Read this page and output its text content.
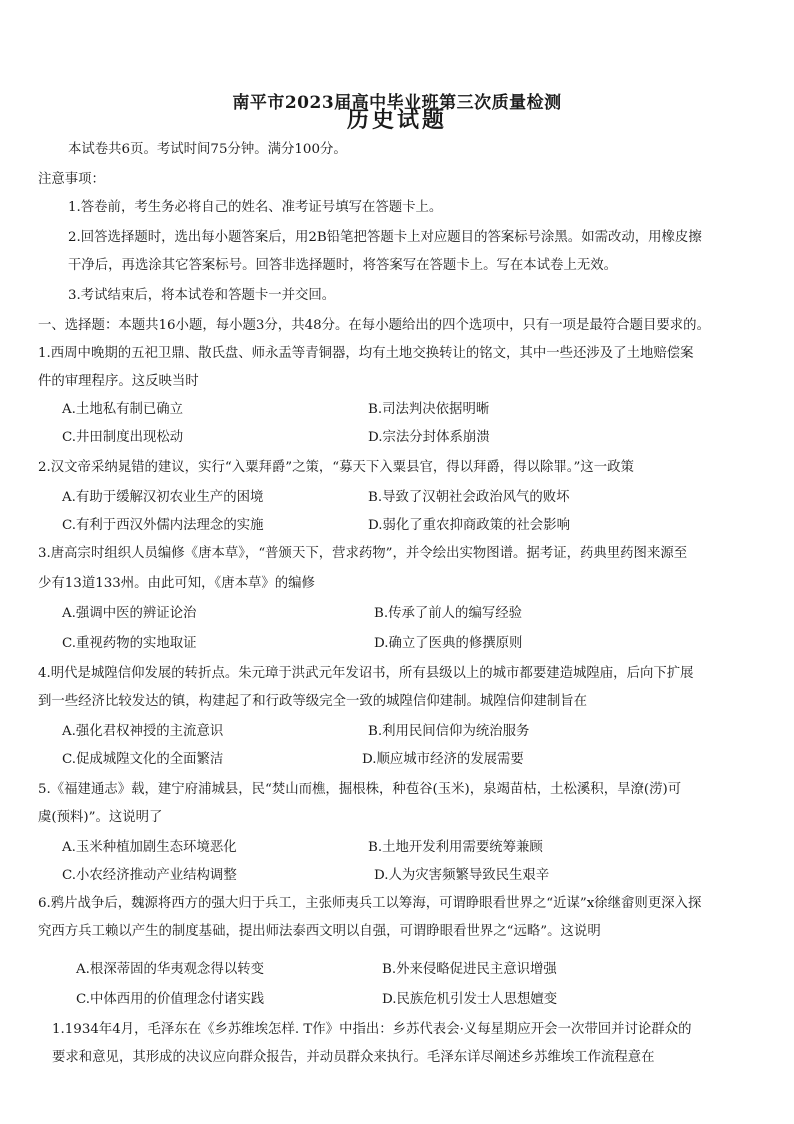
南平市2023届高中毕业班第三次质量检测
历史试题
本试卷共6页。考试时间75分钟。满分100分。
注意事项：
1.答卷前，考生务必将自己的姓名、准考证号填写在答题卡上。
2.回答选择题时，选出每小题答案后，用2B铅笔把答题卡上对应题目的答案标号涂黑。如需改动，用橡皮擦
干净后，再选涂其它答案标号。回答非选择题时，将答案写在答题卡上。写在本试卷上无效。
3.考试结束后，将本试卷和答题卡一并交回。
一、选择题：本题共16小题，每小题3分，共48分。在每小题给出的四个选项中，只有一项是最符合题目要求的。
1.西周中晚期的五祀卫鼎、散氏盘、师永盂等青铜器，均有土地交换转让的铭文，其中一些还涉及了土地赔偿案
件的审理程序。这反映当时
A.土地私有制已确立	B.司法判决依据明晰
C.井田制度出现松动	D.宗法分封体系崩溃
2.汉文帝采纳晁错的建议，实行“入粟拜爵”之策，“募天下入粟县官，得以拜爵，得以除罪。”这一政策
A.有助于缓解汉初农业生产的困境	B.导致了汉朝社会政治风气的败坏
C.有利于西汉外儒内法理念的实施	D.弱化了重农抑商政策的社会影响
3.唐高宗时组织人员编修《唐本草》，“普颁天下，营求药物”，并令绘出实物图谱。据考证，药典里药图来源至
少有13道133州。由此可知，《唐本草》的编修
A.强调中医的辨证论治	B.传承了前人的编写经验
C.重视药物的实地取证	D.确立了医典的修撰原则
4.明代是城隍信仰发展的转折点。朱元璋于洪武元年发诏书，所有县级以上的城市都要建造城隍庙，后向下扩展
到一些经济比较发达的镇，构建起了和行政等级完全一致的城隍信仰建制。城隍信仰建制旨在
A.强化君权神授的主流意识	B.利用民间信仰为统治服务
C.促成城隍文化的全面繁洁	D.顺应城市经济的发展需要
5.《福建通志》载，建宁府浦城县，民“焚山而樵，掘根株，种苞谷(玉米)，泉竭苗枯，土松溪积，旱潦(涝)可
虞(预料)”。这说明了
A.玉米种植加剧生态环境恶化	B.土地开发利用需要统筹兼顾
C.小农经济推动产业结构调整	D.人为灾害频繁导致民生艰辛
6.鸦片战争后，魏源将西方的强大归于兵工，主张师夷兵工以筹海，可谓睁眼看世界之“近谋”x徐继畲则更深入探
究西方兵工赖以产生的制度基础，提出师法泰西文明以自强，可谓睁眼看世界之“远略”。这说明
A.根深蒂固的华夷观念得以转变	B.外来侵略促进民主意识增强
C.中体西用的价值理念付诸实践	D.民族危机引发士人思想嬗变
1.1934年4月，毛泽东在《乡苏维埃怎样. T作》中指出：乡苏代表会·义每星期应开会一次带回并讨论群众的
要求和意见，其形成的决议应向群众报告，并动员群众来执行。毛泽东详尽阐述乡苏维埃工作流程意在
